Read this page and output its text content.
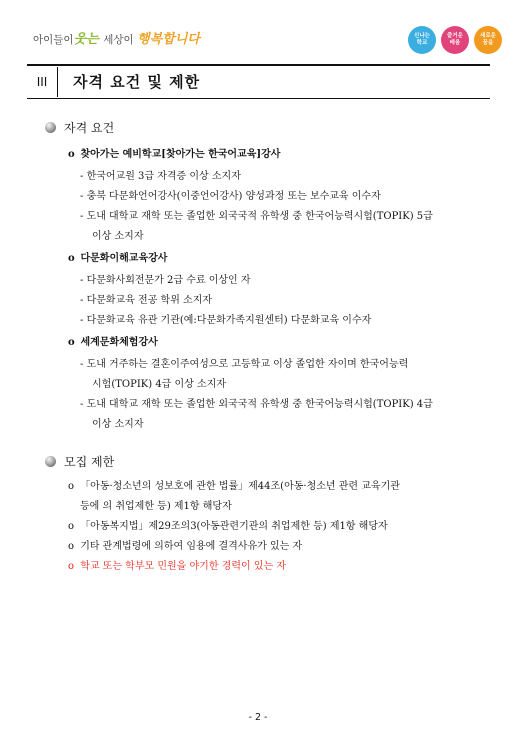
아이들이웃는 세상이 행복합니다	신나는
학교
즐거운
배움
새로운
꿈을
III	자격 요건 및 제한
자격 요건
o 찾아가는 예비학교[찾아가는 한국어교육]강사
- 한국어교원 3급 자격증 이상 소지자
- 충북 다문화언어강사(이중언어강사) 양성과정 또는 보수교육 이수자
- 도내 대학교 재학 또는 졸업한 외국국적 유학생 중 한국어능력시험(TOPIK) 5급
이상 소지자
o 다문화이해교육강사
- 다문화사회전문가 2급 수료 이상인 자
- 다문화교육 전공 학위 소지자
- 다문화교육 유관 기관(예:다문화가족지원센터) 다문화교육 이수자
o 세계문화체험강사
- 도내 거주하는 결혼이주여성으로 고등학교 이상 졸업한 자이며 한국어능력
시험(TOPIK) 4급 이상 소지자
- 도내 대학교 재학 또는 졸업한 외국국적 유학생 중 한국어능력시험(TOPIK) 4급
이상 소지자
모집 제한
o 「아동·청소년의 성보호에 관한 법률」제44조(아동·청소년 관련 교육기관
등에 의 취업제한 등) 제1항 해당자
o 「아동복지법」제29조의3(아동관련기관의 취업제한 등) 제1항 해당자
o 기타 관계법령에 의하여 임용에 결격사유가 있는 자
o 학교 또는 학부모 민원을 야기한 경력이 있는 자
- 2 -
